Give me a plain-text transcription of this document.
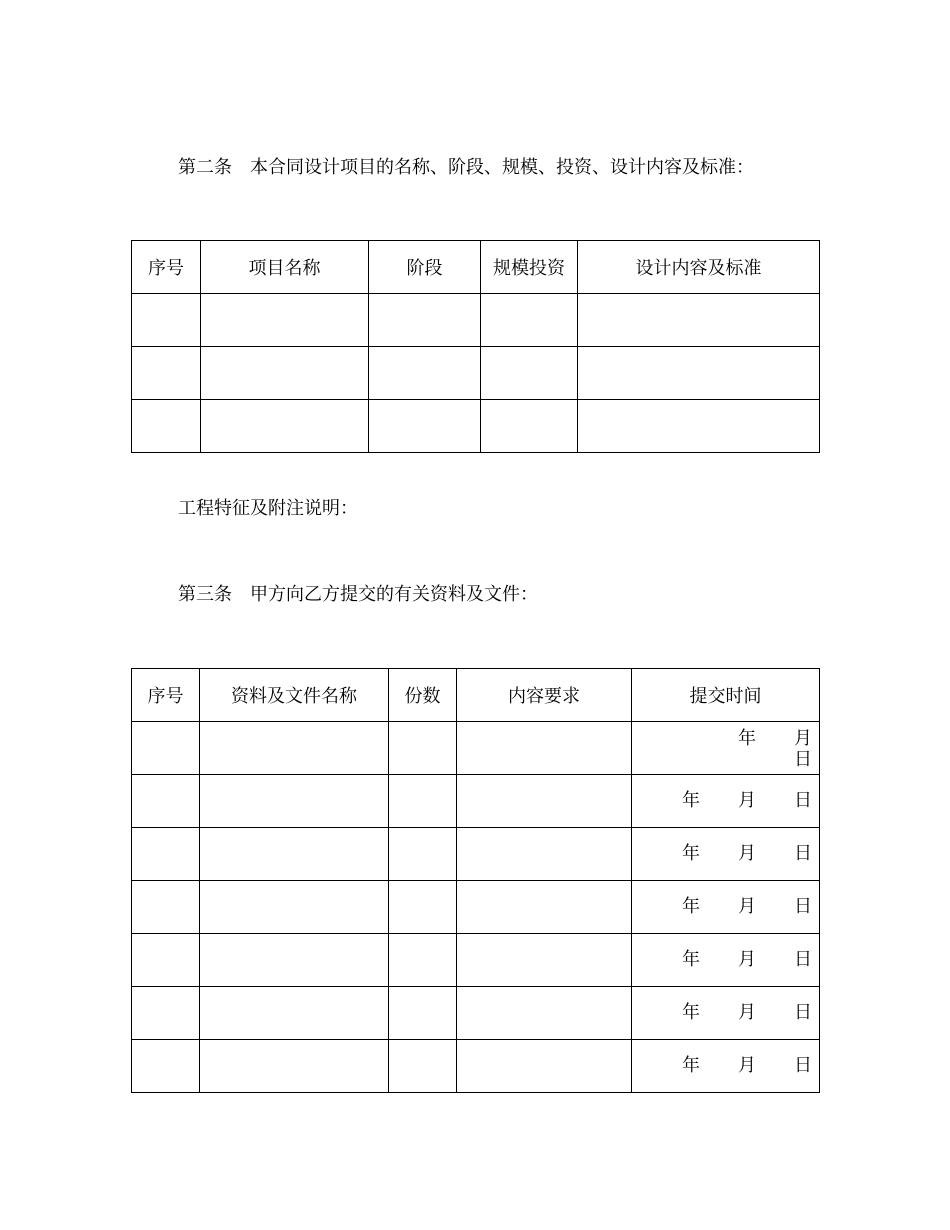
第二条　本合同设计项目的名称、阶段、规模、投资、设计内容及标准：
序号	项目名称	阶段	规模投资	设计内容及标准

工程特征及附注说明：
第三条　甲方向乙方提交的有关资料及文件：
序号	资料及文件名称	份数	内容要求	提交时间

				年 月
日

				年 月 日

				年 月 日

				年 月 日

				年 月 日

				年 月 日

				年 月 日
